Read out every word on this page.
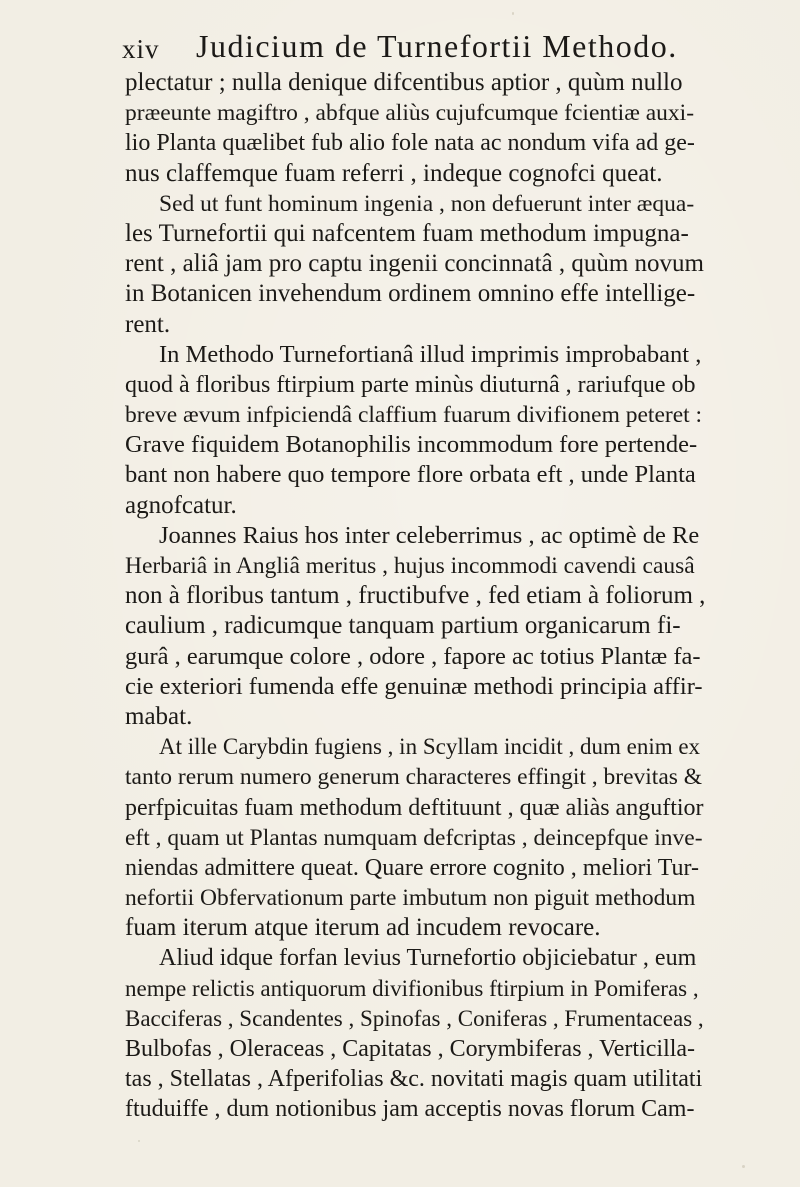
xiv Judicium de Turnefortii Methodo.
plectatur ; nulla denique difcentibus aptior , quùm nullo
præeunte magiftro , abfque aliùs cujufcumque fcientiæ auxi-
lio Planta quælibet fub alio fole nata ac nondum vifa ad ge-
nus claffemque fuam referri , indeque cognofci queat.
Sed ut funt hominum ingenia , non defuerunt inter æqua-
les Turnefortii qui nafcentem fuam methodum impugna-
rent , aliâ jam pro captu ingenii concinnatâ , quùm novum
in Botanicen invehendum ordinem omnino effe intellige-
rent.
In Methodo Turnefortianâ illud imprimis improbabant ,
quod à floribus ftirpium parte minùs diuturnâ , rariufque ob
breve ævum infpiciendâ claffium fuarum divifionem peteret :
Grave fiquidem Botanophilis incommodum fore pertende-
bant non habere quo tempore flore orbata eft , unde Planta
agnofcatur.
Joannes Raius hos inter celeberrimus , ac optimè de Re
Herbariâ in Angliâ meritus , hujus incommodi cavendi causâ
non à floribus tantum , fructibufve , fed etiam à foliorum ,
caulium , radicumque tanquam partium organicarum fi-
gurâ , earumque colore , odore , fapore ac totius Plantæ fa-
cie exteriori fumenda effe genuinæ methodi principia affir-
mabat.
At ille Carybdin fugiens , in Scyllam incidit , dum enim ex
tanto rerum numero generum characteres effingit , brevitas &
perfpicuitas fuam methodum deftituunt , quæ aliàs anguftior
eft , quam ut Plantas numquam defcriptas , deincepfque inve-
niendas admittere queat. Quare errore cognito , meliori Tur-
nefortii Obfervationum parte imbutum non piguit methodum
fuam iterum atque iterum ad incudem revocare.
Aliud idque forfan levius Turnefortio objiciebatur , eum
nempe relictis antiquorum divifionibus ftirpium in Pomiferas ,
Bacciferas , Scandentes , Spinofas , Coniferas , Frumentaceas ,
Bulbofas , Oleraceas , Capitatas , Corymbiferas , Verticilla-
tas , Stellatas , Afperifolias &c. novitati magis quam utilitati
ftuduiffe , dum notionibus jam acceptis novas florum Cam-
